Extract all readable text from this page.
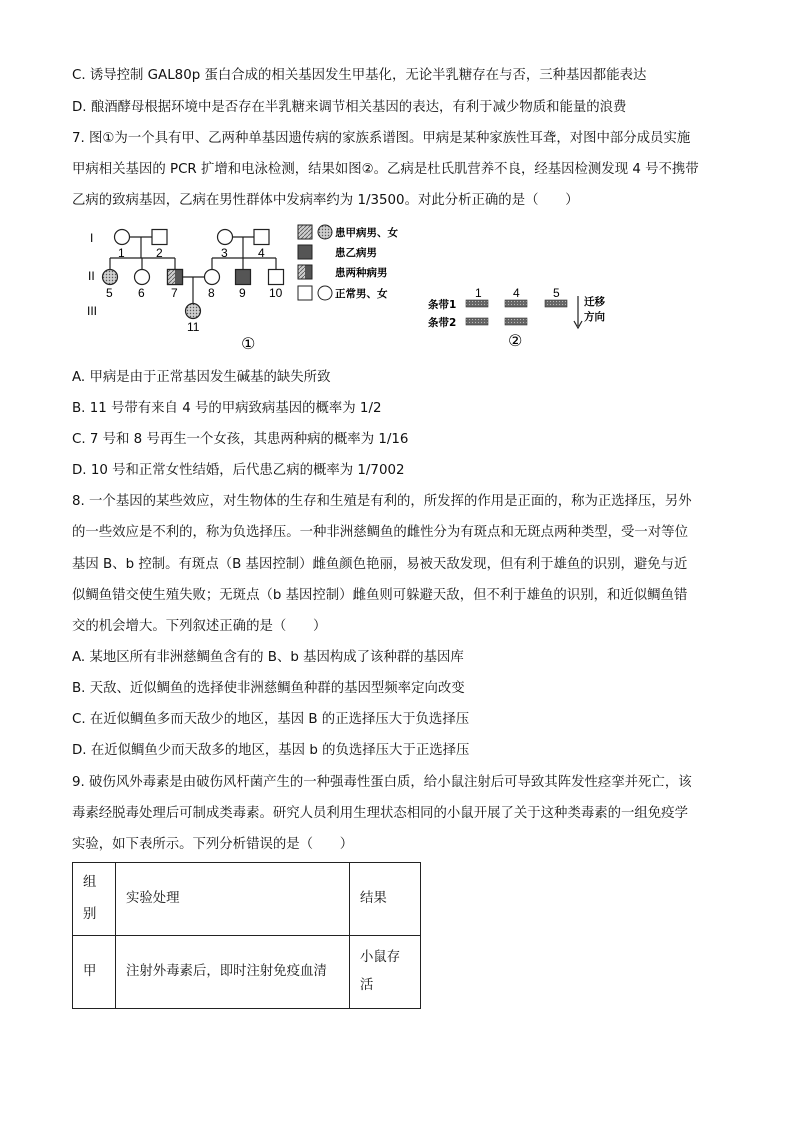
C. 诱导控制 GAL80p 蛋白合成的相关基因发生甲基化，无论半乳糖存在与否，三种基因都能表达
D. 酿酒酵母根据环境中是否存在半乳糖来调节相关基因的表达，有利于减少物质和能量的浪费
7. 图①为一个具有甲、乙两种单基因遗传病的家族系谱图。甲病是某种家族性耳聋，对图中部分成员实施
甲病相关基因的 PCR 扩增和电泳检测，结果如图②。乙病是杜氏肌营养不良，经基因检测发现 4 号不携带
乙病的致病基因，乙病在男性群体中发病率约为 1/3500。对此分析正确的是（　　）
I
II
III
1	2	3	4
5 6 7	8 9 10
11
患甲病男、女
患乙病男
患两种病男
正常男、女
①
1	4	5
条带1
条带2
迁移
方向
②
A. 甲病是由于正常基因发生碱基的缺失所致
B. 11 号带有来自 4 号的甲病致病基因的概率为 1/2
C. 7 号和 8 号再生一个女孩，其患两种病的概率为 1/16
D. 10 号和正常女性结婚，后代患乙病的概率为 1/7002
8. 一个基因的某些效应，对生物体的生存和生殖是有利的，所发挥的作用是正面的，称为正选择压，另外
的一些效应是不利的，称为负选择压。一种非洲慈鲷鱼的雌性分为有斑点和无斑点两种类型，受一对等位
基因 B、b 控制。有斑点（B 基因控制）雌鱼颜色艳丽，易被天敌发现，但有利于雄鱼的识别，避免与近
似鲷鱼错交使生殖失败；无斑点（b 基因控制）雌鱼则可躲避天敌，但不利于雄鱼的识别，和近似鲷鱼错
交的机会增大。下列叙述正确的是（　　）
A. 某地区所有非洲慈鲷鱼含有的 B、b 基因构成了该种群的基因库
B. 天敌、近似鲷鱼的选择使非洲慈鲷鱼种群的基因型频率定向改变
C. 在近似鲷鱼多而天敌少的地区，基因 B 的正选择压大于负选择压
D. 在近似鲷鱼少而天敌多的地区，基因 b 的负选择压大于正选择压
9. 破伤风外毒素是由破伤风杆菌产生的一种强毒性蛋白质，给小鼠注射后可导致其阵发性痉挛并死亡，该
毒素经脱毒处理后可制成类毒素。研究人员利用生理状态相同的小鼠开展了关于这种类毒素的一组免疫学
实验，如下表所示。下列分析错误的是（　　）
组别	实验处理	结果
甲	注射外毒素后，即时注射免疫血清	小鼠存活
